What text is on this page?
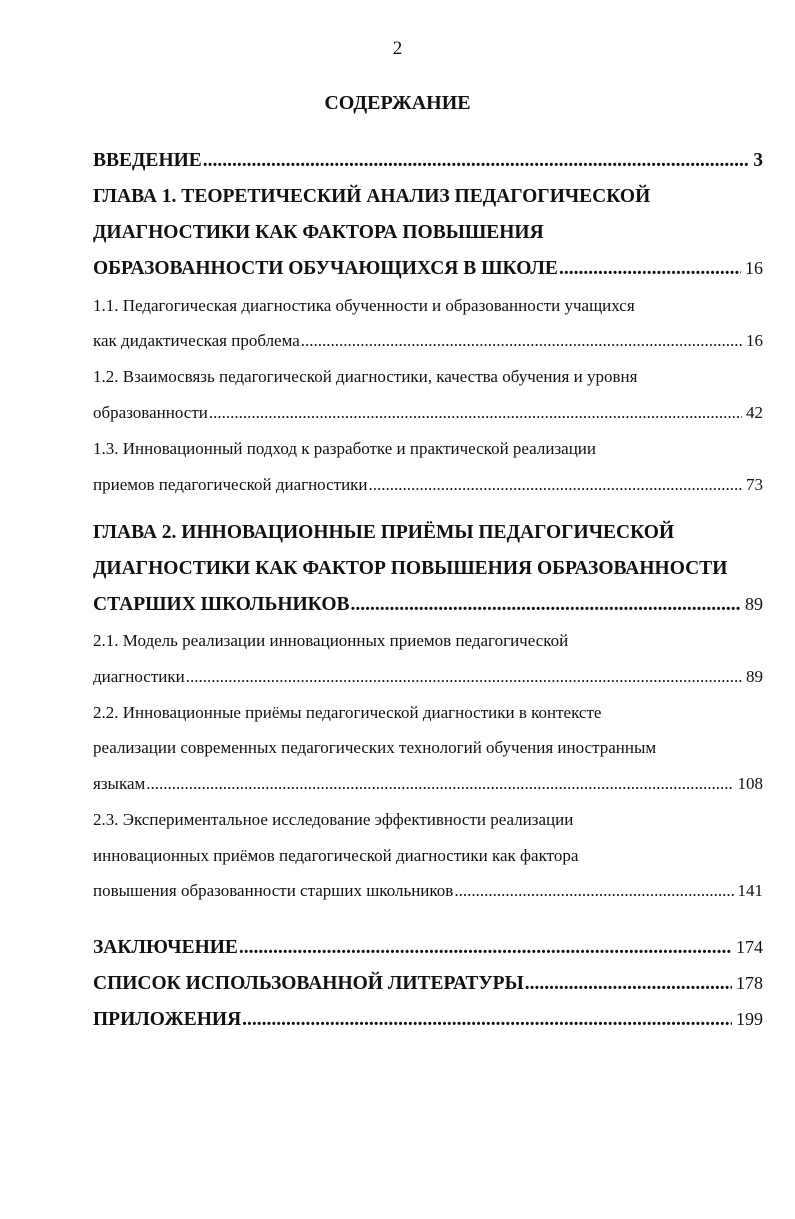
2
СОДЕРЖАНИЕ
ВВЕДЕНИЕ .....	3
ГЛАВА 1. ТЕОРЕТИЧЕСКИЙ АНАЛИЗ ПЕДАГОГИЧЕСКОЙ
ДИАГНОСТИКИ КАК ФАКТОРА ПОВЫШЕНИЯ
ОБРАЗОВАННОСТИ ОБУЧАЮЩИХСЯ В ШКОЛЕ .....	16
1.1. Педагогическая диагностика обученности и образованности учащихся
как дидактическая проблема .....	16
1.2. Взаимосвязь педагогической диагностики, качества обучения и уровня
образованности .....	42
1.3. Инновационный подход к разработке и практической реализации
приемов педагогической диагностики .....	73
ГЛАВА 2. ИННОВАЦИОННЫЕ ПРИЁМЫ ПЕДАГОГИЧЕСКОЙ
ДИАГНОСТИКИ КАК ФАКТОР ПОВЫШЕНИЯ ОБРАЗОВАННОСТИ
СТАРШИХ ШКОЛЬНИКОВ .....	89
2.1. Модель реализации инновационных приемов педагогической
диагностики .....	89
2.2. Инновационные приёмы педагогической диагностики в контексте
реализации современных педагогических технологий обучения иностранным
языкам .....	108
2.3. Экспериментальное исследование эффективности реализации
инновационных приёмов педагогической диагностики как фактора
повышения образованности старших школьников .....	141
ЗАКЛЮЧЕНИЕ .....	174
СПИСОК ИСПОЛЬЗОВАННОЙ ЛИТЕРАТУРЫ .....	178
ПРИЛОЖЕНИЯ .....	199
